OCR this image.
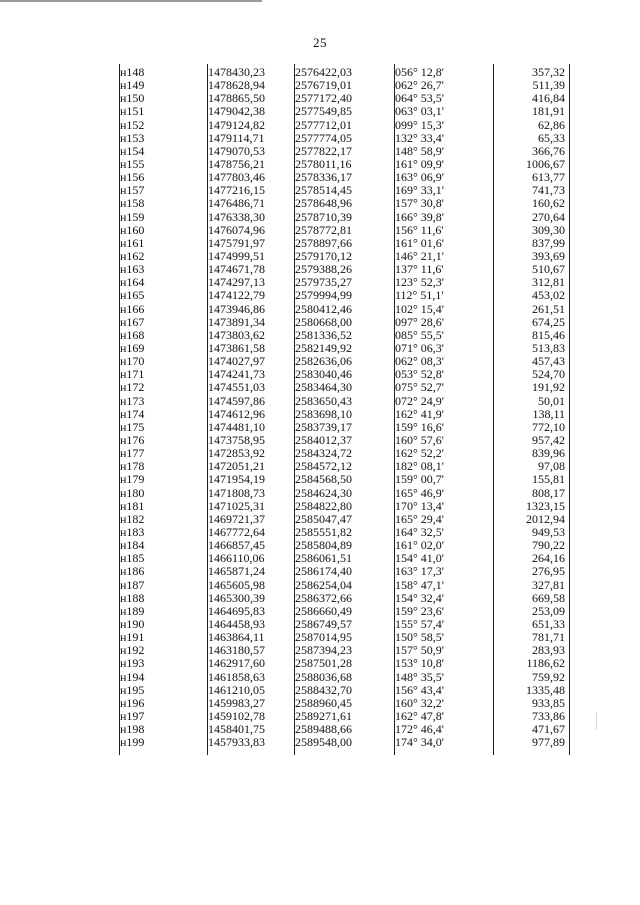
25
н148	1478430,23	2576422,03	056° 12,8'	357,32
н149	1478628,94	2576719,01	062° 26,7'	511,39
н150	1478865,50	2577172,40	064° 53,5'	416,84
н151	1479042,38	2577549,85	063° 03,1'	181,91
н152	1479124,82	2577712,01	099° 15,3'	62,86
н153	1479114,71	2577774,05	132° 33,4'	65,33
н154	1479070,53	2577822,17	148° 58,9'	366,76
н155	1478756,21	2578011,16	161° 09,9'	1006,67
н156	1477803,46	2578336,17	163° 06,9'	613,77
н157	1477216,15	2578514,45	169° 33,1'	741,73
н158	1476486,71	2578648,96	157° 30,8'	160,62
н159	1476338,30	2578710,39	166° 39,8'	270,64
н160	1476074,96	2578772,81	156° 11,6'	309,30
н161	1475791,97	2578897,66	161° 01,6'	837,99
н162	1474999,51	2579170,12	146° 21,1'	393,69
н163	1474671,78	2579388,26	137° 11,6'	510,67
н164	1474297,13	2579735,27	123° 52,3'	312,81
н165	1474122,79	2579994,99	112° 51,1'	453,02
н166	1473946,86	2580412,46	102° 15,4'	261,51
н167	1473891,34	2580668,00	097° 28,6'	674,25
н168	1473803,62	2581336,52	085° 55,5'	815,46
н169	1473861,58	2582149,92	071° 06,3'	513,83
н170	1474027,97	2582636,06	062° 08,3'	457,43
н171	1474241,73	2583040,46	053° 52,8'	524,70
н172	1474551,03	2583464,30	075° 52,7'	191,92
н173	1474597,86	2583650,43	072° 24,9'	50,01
н174	1474612,96	2583698,10	162° 41,9'	138,11
н175	1474481,10	2583739,17	159° 16,6'	772,10
н176	1473758,95	2584012,37	160° 57,6'	957,42
н177	1472853,92	2584324,72	162° 52,2'	839,96
н178	1472051,21	2584572,12	182° 08,1'	97,08
н179	1471954,19	2584568,50	159° 00,7'	155,81
н180	1471808,73	2584624,30	165° 46,9'	808,17
н181	1471025,31	2584822,80	170° 13,4'	1323,15
н182	1469721,37	2585047,47	165° 29,4'	2012,94
н183	1467772,64	2585551,82	164° 32,5'	949,53
н184	1466857,45	2585804,89	161° 02,0'	790,22
н185	1466110,06	2586061,51	154° 41,0'	264,16
н186	1465871,24	2586174,40	163° 17,3'	276,95
н187	1465605,98	2586254,04	158° 47,1'	327,81
н188	1465300,39	2586372,66	154° 32,4'	669,58
н189	1464695,83	2586660,49	159° 23,6'	253,09
н190	1464458,93	2586749,57	155° 57,4'	651,33
н191	1463864,11	2587014,95	150° 58,5'	781,71
н192	1463180,57	2587394,23	157° 50,9'	283,93
н193	1462917,60	2587501,28	153° 10,8'	1186,62
н194	1461858,63	2588036,68	148° 35,5'	759,92
н195	1461210,05	2588432,70	156° 43,4'	1335,48
н196	1459983,27	2588960,45	160° 32,2'	933,85
н197	1459102,78	2589271,61	162° 47,8'	733,86
н198	1458401,75	2589488,66	172° 46,4'	471,67
н199	1457933,83	2589548,00	174° 34,0'	977,89
